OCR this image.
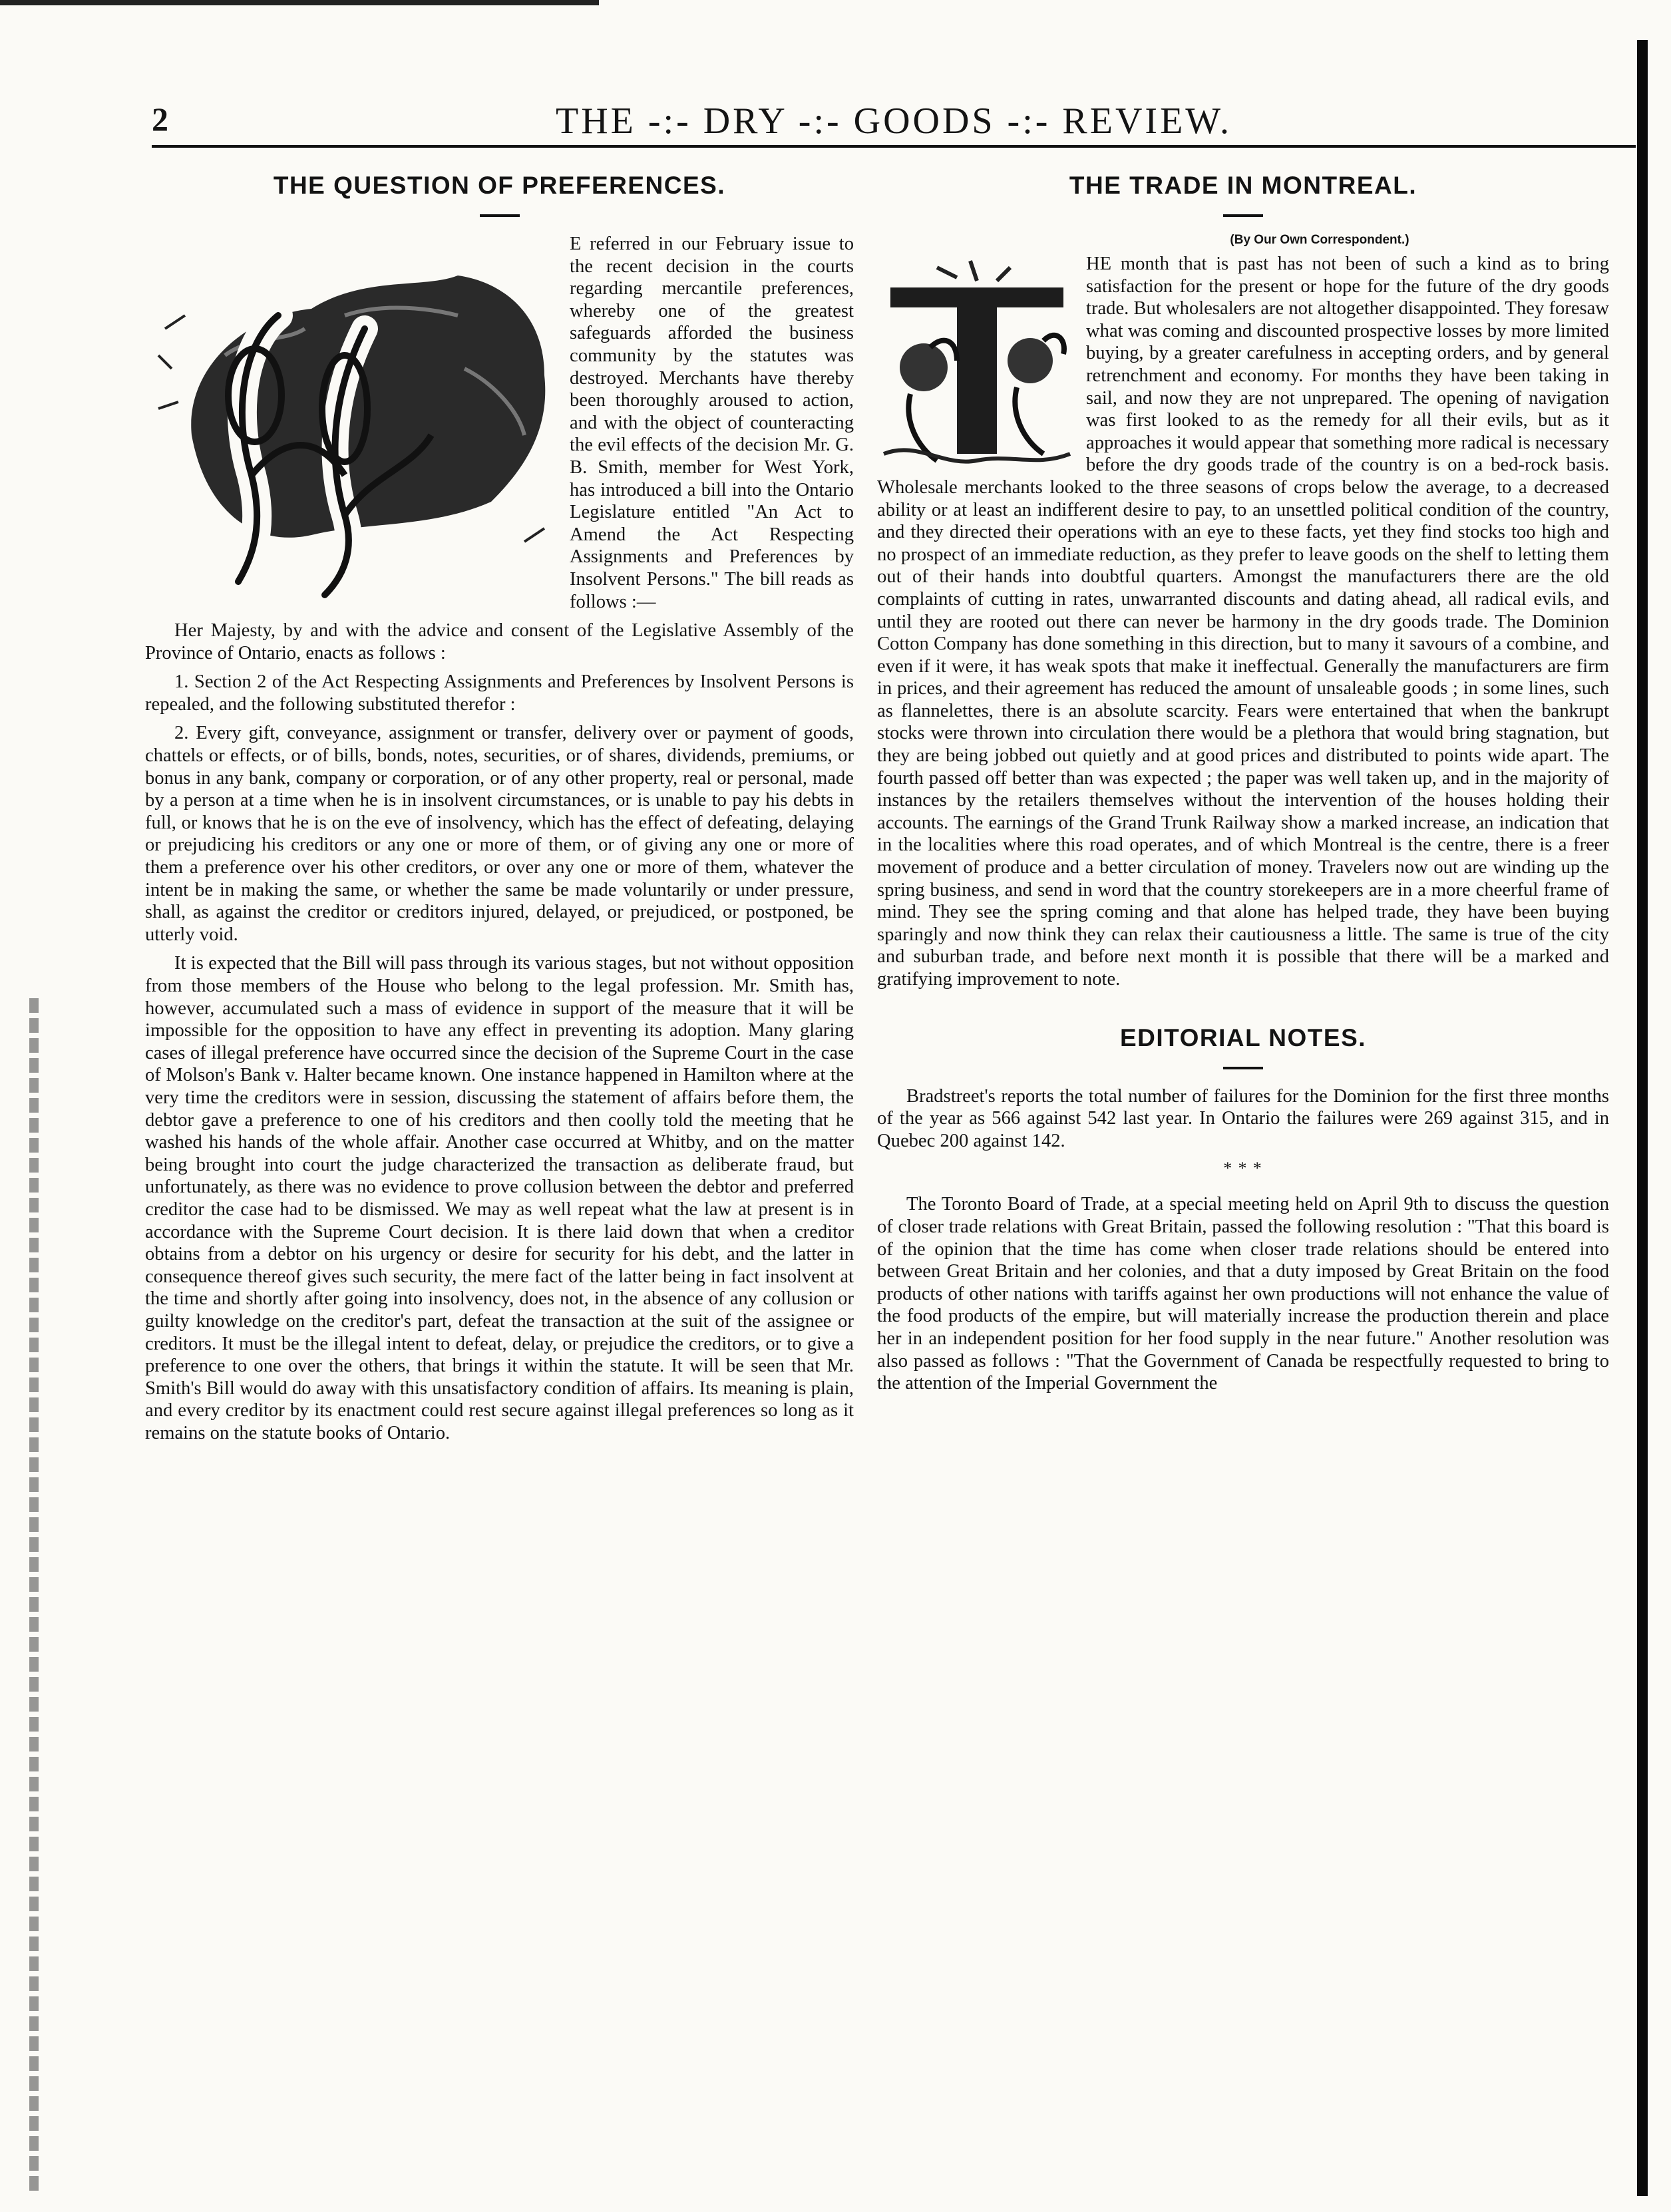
2	THE -:- DRY -:- GOODS -:- REVIEW.
THE QUESTION OF PREFERENCES.

E referred in our February issue to the recent decision in the courts regarding mercantile preferences, whereby one of the greatest safeguards afforded the business community by the statutes was destroyed. Merchants have thereby been thoroughly aroused to action, and with the object of counteracting the evil effects of the decision Mr. G. B. Smith, member for West York, has introduced a bill into the Ontario Legislature entitled "An Act to Amend the Act Respecting Assignments and Preferences by Insolvent Persons." The bill reads as follows :—

Her Majesty, by and with the advice and consent of the Legislative Assembly of the Province of Ontario, enacts as follows :

1. Section 2 of the Act Respecting Assignments and Preferences by Insolvent Persons is repealed, and the following substituted therefor :

2. Every gift, conveyance, assignment or transfer, delivery over or payment of goods, chattels or effects, or of bills, bonds, notes, securities, or of shares, dividends, premiums, or bonus in any bank, company or corporation, or of any other property, real or personal, made by a person at a time when he is in insolvent circumstances, or is unable to pay his debts in full, or knows that he is on the eve of insolvency, which has the effect of defeating, delaying or prejudicing his creditors or any one or more of them, or of giving any one or more of them a preference over his other creditors, or over any one or more of them, whatever the intent be in making the same, or whether the same be made voluntarily or under pressure, shall, as against the creditor or creditors injured, delayed, or prejudiced, or postponed, be utterly void.

It is expected that the Bill will pass through its various stages, but not without opposition from those members of the House who belong to the legal profession. Mr. Smith has, however, accumulated such a mass of evidence in support of the measure that it will be impossible for the opposition to have any effect in preventing its adoption. Many glaring cases of illegal preference have occurred since the decision of the Supreme Court in the case of Molson's Bank v. Halter became known. One instance happened in Hamilton where at the very time the creditors were in session, discussing the statement of affairs before them, the debtor gave a preference to one of his creditors and then coolly told the meeting that he washed his hands of the whole affair. Another case occurred at Whitby, and on the matter being brought into court the judge characterized the transaction as deliberate fraud, but unfortunately, as there was no evidence to prove collusion between the debtor and preferred creditor the case had to be dismissed. We may as well repeat what the law at present is in accordance with the Supreme Court decision. It is there laid down that when a creditor obtains from a debtor on his urgency or desire for security for his debt, and the latter in consequence thereof gives such security, the mere fact of the latter being in fact insolvent at the time and shortly after going into insolvency, does not, in the absence of any collusion or guilty knowledge on the creditor's part, defeat the transaction at the suit of the assignee or creditors. It must be the illegal intent to defeat, delay, or prejudice the creditors, or to give a preference to one over the others, that brings it within the statute. It will be seen that Mr. Smith's Bill would do away with this unsatisfactory condition of affairs. Its meaning is plain, and every creditor by its enactment could rest secure against illegal preferences so long as it remains on the statute books of Ontario.

THE TRADE IN MONTREAL.
(By Our Own Correspondent.)

HE month that is past has not been of such a kind as to bring satisfaction for the present or hope for the future of the dry goods trade. But wholesalers are not altogether disappointed. They foresaw what was coming and discounted prospective losses by more limited buying, by a greater carefulness in accepting orders, and by general retrenchment and economy. For months they have been taking in sail, and now they are not unprepared. The opening of navigation was first looked to as the remedy for all their evils, but as it approaches it would appear that something more radical is necessary before the dry goods trade of the country is on a bed-rock basis. Wholesale merchants looked to the three seasons of crops below the average, to a decreased ability or at least an indifferent desire to pay, to an unsettled political condition of the country, and they directed their operations with an eye to these facts, yet they find stocks too high and no prospect of an immediate reduction, as they prefer to leave goods on the shelf to letting them out of their hands into doubtful quarters. Amongst the manufacturers there are the old complaints of cutting in rates, unwarranted discounts and dating ahead, all radical evils, and until they are rooted out there can never be harmony in the dry goods trade. The Dominion Cotton Company has done something in this direction, but to many it savours of a combine, and even if it were, it has weak spots that make it ineffectual. Generally the manufacturers are firm in prices, and their agreement has reduced the amount of unsaleable goods ; in some lines, such as flannelettes, there is an absolute scarcity. Fears were entertained that when the bankrupt stocks were thrown into circulation there would be a plethora that would bring stagnation, but they are being jobbed out quietly and at good prices and distributed to points wide apart. The fourth passed off better than was expected ; the paper was well taken up, and in the majority of instances by the retailers themselves without the intervention of the houses holding their accounts. The earnings of the Grand Trunk Railway show a marked increase, an indication that in the localities where this road operates, and of which Montreal is the centre, there is a freer movement of produce and a better circulation of money. Travelers now out are winding up the spring business, and send in word that the country storekeepers are in a more cheerful frame of mind. They see the spring coming and that alone has helped trade, they have been buying sparingly and now think they can relax their cautiousness a little. The same is true of the city and suburban trade, and before next month it is possible that there will be a marked and gratifying improvement to note.

EDITORIAL NOTES.

Bradstreet's reports the total number of failures for the Dominion for the first three months of the year as 566 against 542 last year. In Ontario the failures were 269 against 315, and in Quebec 200 against 142.

* * *

The Toronto Board of Trade, at a special meeting held on April 9th to discuss the question of closer trade relations with Great Britain, passed the following resolution : "That this board is of the opinion that the time has come when closer trade relations should be entered into between Great Britain and her colonies, and that a duty imposed by Great Britain on the food products of other nations with tariffs against her own productions will not enhance the value of the food products of the empire, but will materially increase the production therein and place her in an independent position for her food supply in the near future." Another resolution was also passed as follows : "That the Government of Canada be respectfully requested to bring to the attention of the Imperial Government the
